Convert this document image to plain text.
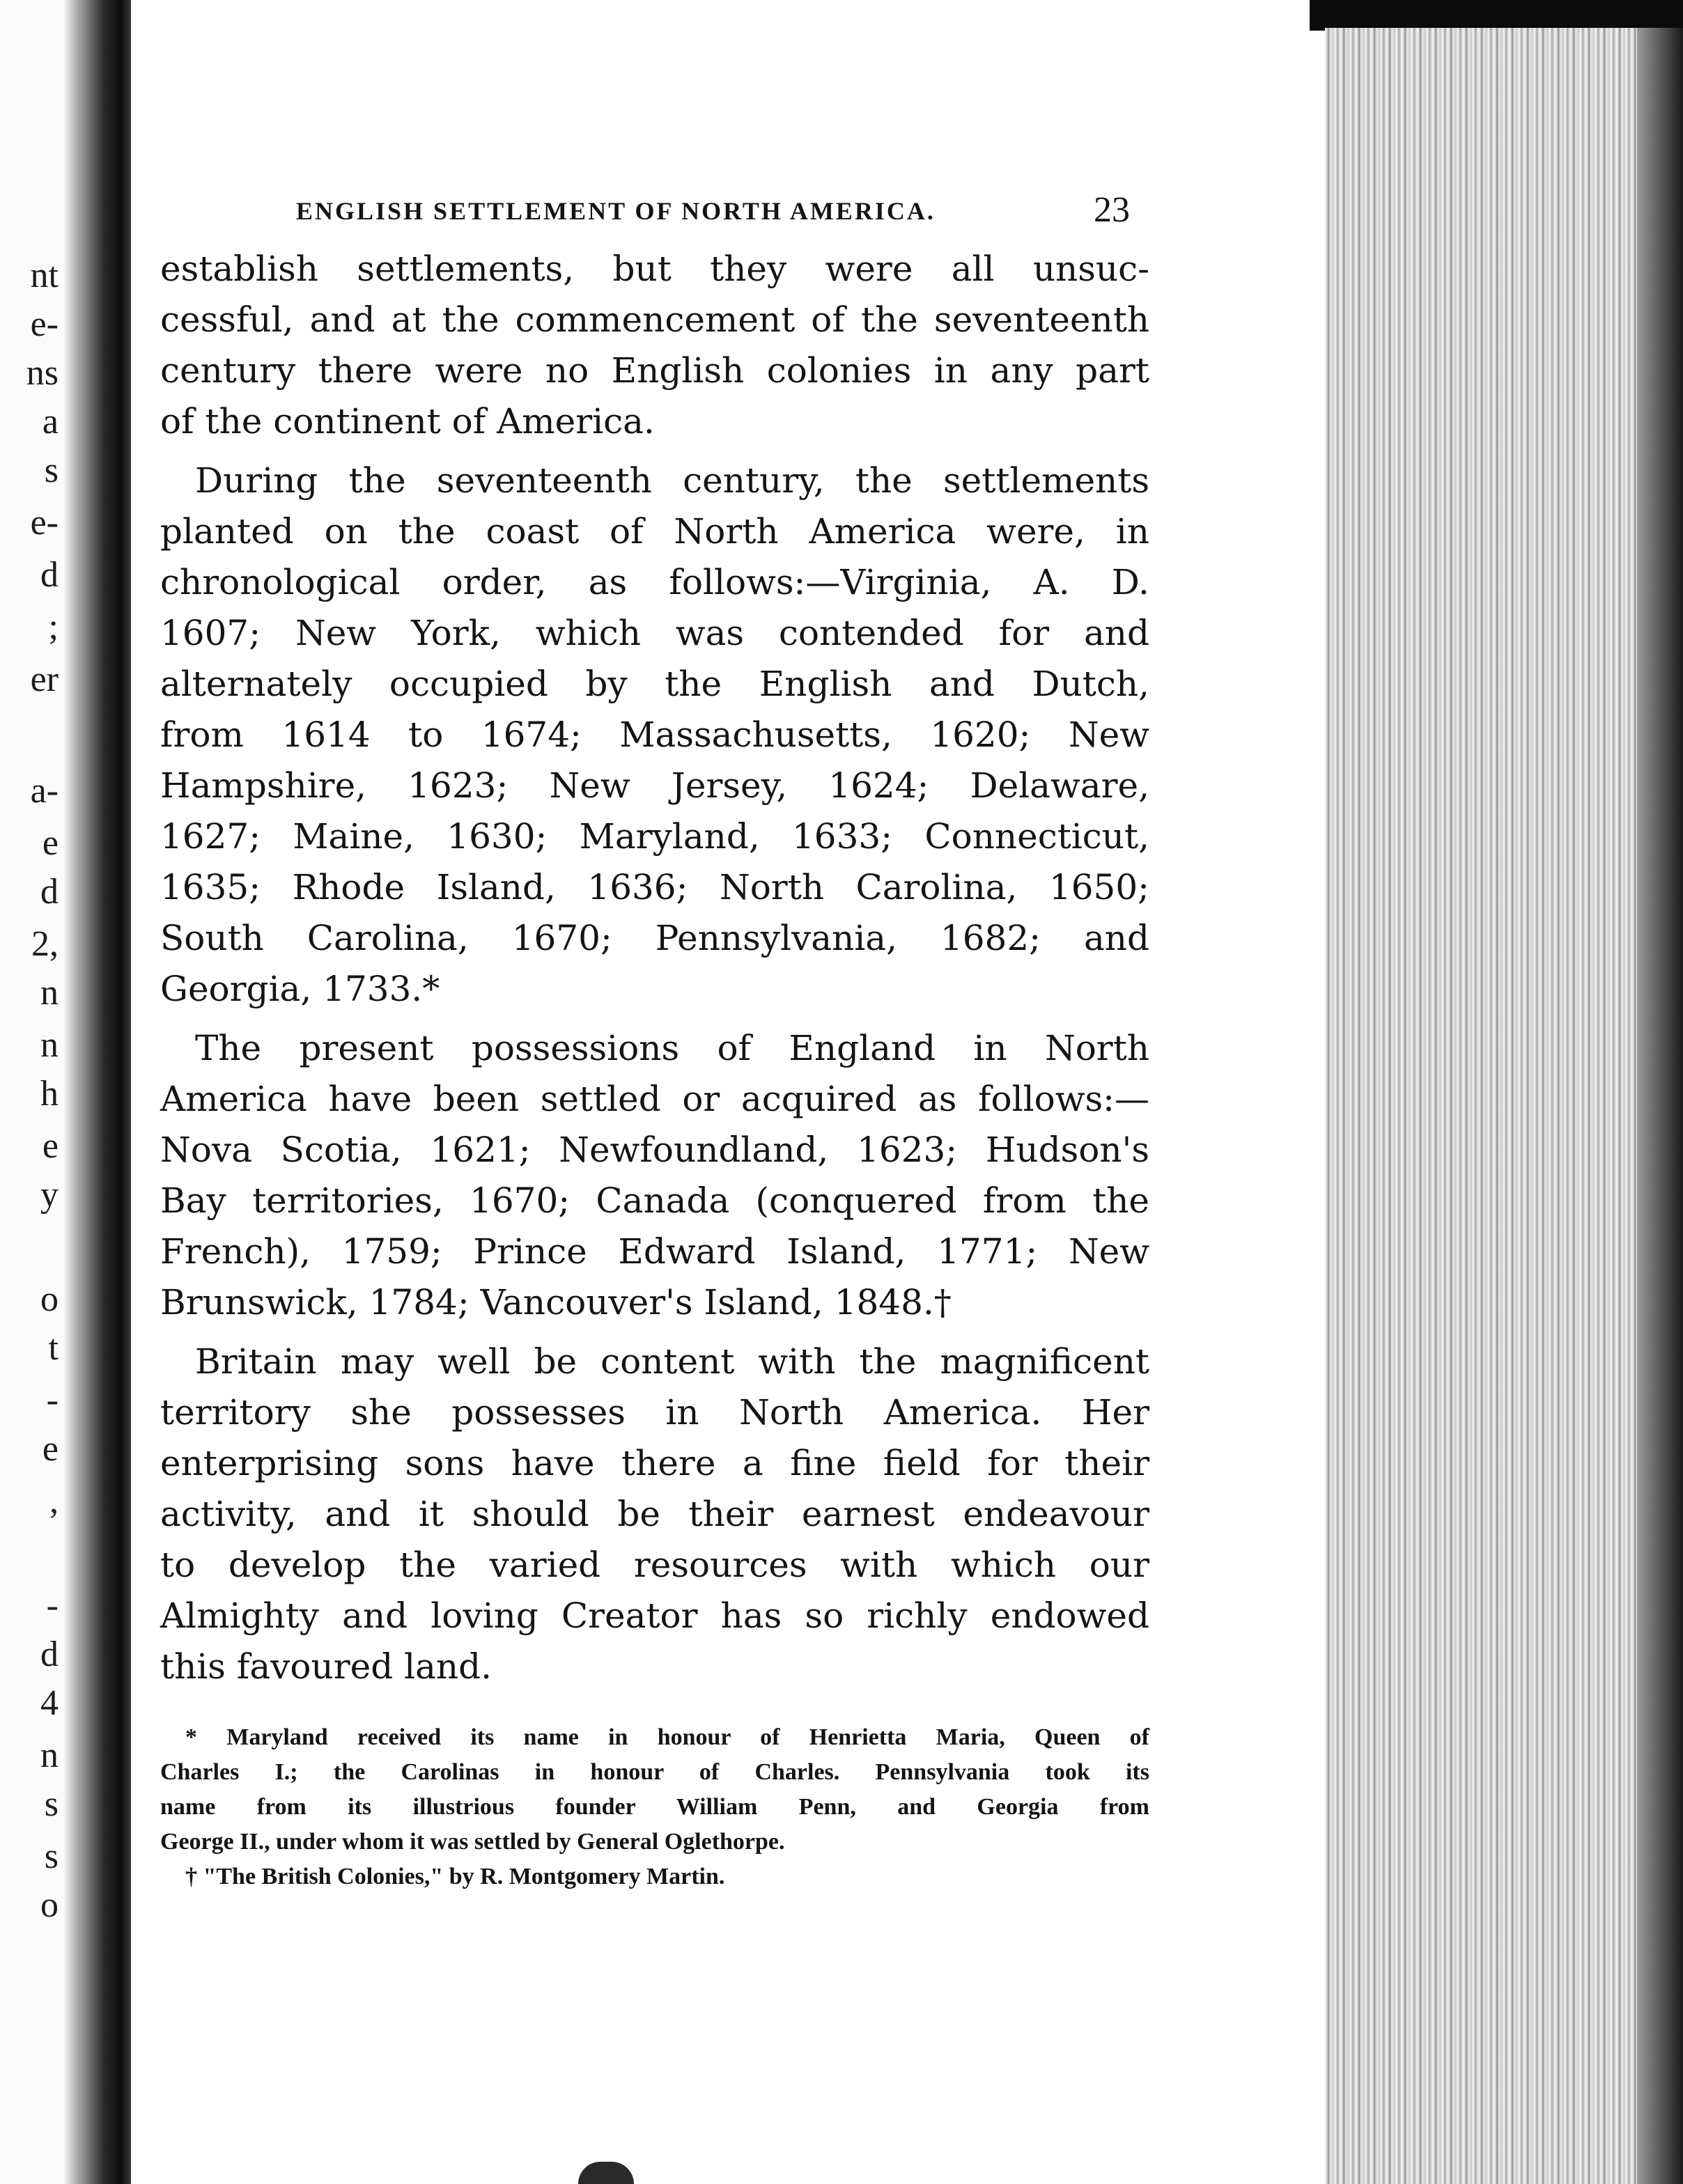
nt
e-
ns
a
s
e-
d
;
er
a-
e
d
2,
n
n
h
e
y
o
t
-
e
,
-
d
4
n
s
s
o
ENGLISH SETTLEMENT OF NORTH AMERICA.	23

establish settlements, but they were all unsuc-
cessful, and at the commencement of the seventeenth
century there were no English colonies in any part
of the continent of America.

During the seventeenth century, the settlements
planted on the coast of North America were, in
chronological order, as follows:—Virginia, A. D.
1607; New York, which was contended for and
alternately occupied by the English and Dutch,
from 1614 to 1674; Massachusetts, 1620; New
Hampshire, 1623; New Jersey, 1624; Delaware,
1627; Maine, 1630; Maryland, 1633; Connecticut,
1635; Rhode Island, 1636; North Carolina, 1650;
South Carolina, 1670; Pennsylvania, 1682; and
Georgia, 1733.*

The present possessions of England in North
America have been settled or acquired as follows:—
Nova Scotia, 1621; Newfoundland, 1623; Hudson's
Bay territories, 1670; Canada (conquered from the
French), 1759; Prince Edward Island, 1771; New
Brunswick, 1784; Vancouver's Island, 1848.†

Britain may well be content with the magnificent
territory she possesses in North America. Her
enterprising sons have there a fine field for their
activity, and it should be their earnest endeavour
to develop the varied resources with which our
Almighty and loving Creator has so richly endowed
this favoured land.

* Maryland received its name in honour of Henrietta Maria, Queen of
Charles I.; the Carolinas in honour of Charles. Pennsylvania took its
name from its illustrious founder William Penn, and Georgia from
George II., under whom it was settled by General Oglethorpe.
† "The British Colonies," by R. Montgomery Martin.
